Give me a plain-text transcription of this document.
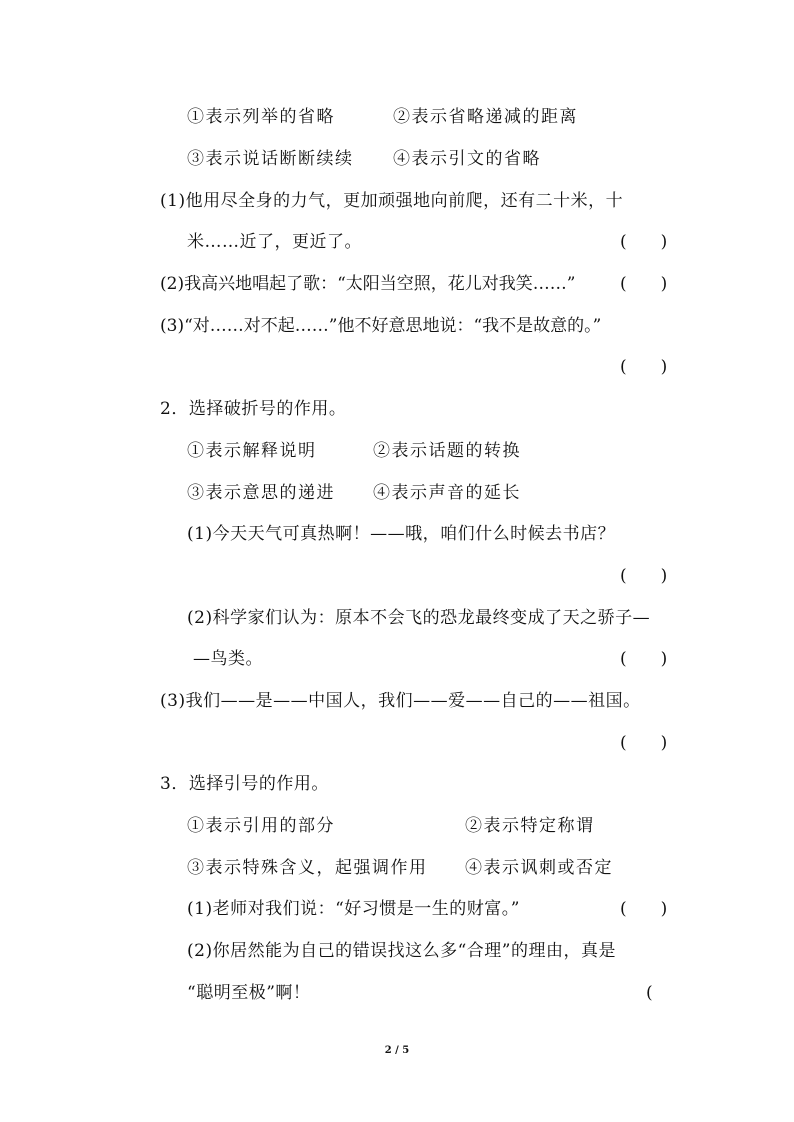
①表示列举的省略	②表示省略递减的距离
③表示说话断断续续 ④表示引文的省略
(1)他用尽全身的力气，更加顽强地向前爬，还有二十米，十
米……近了，更近了。	(　　)
(2)我高兴地唱起了歌：“太阳当空照，花儿对我笑……”	(　　)
(3)“对……对不起……”他不好意思地说：“我不是故意的。”
(　　)
2．选择破折号的作用。
①表示解释说明	②表示话题的转换
③表示意思的递进 ④表示声音的延长
(1)今天天气可真热啊！——哦，咱们什么时候去书店？
(　　)
(2)科学家们认为：原本不会飞的恐龙最终变成了天之骄子—
—鸟类。	(　　)
(3)我们——是——中国人，我们——爱——自己的——祖国。
(　　)
3．选择引号的作用。
①表示引用的部分	②表示特定称谓
③表示特殊含义，起强调作用 ④表示讽刺或否定
(1)老师对我们说：“好习惯是一生的财富。”	(　　)
(2)你居然能为自己的错误找这么多“合理”的理由，真是
“聪明至极”啊！	(
2 / 5
